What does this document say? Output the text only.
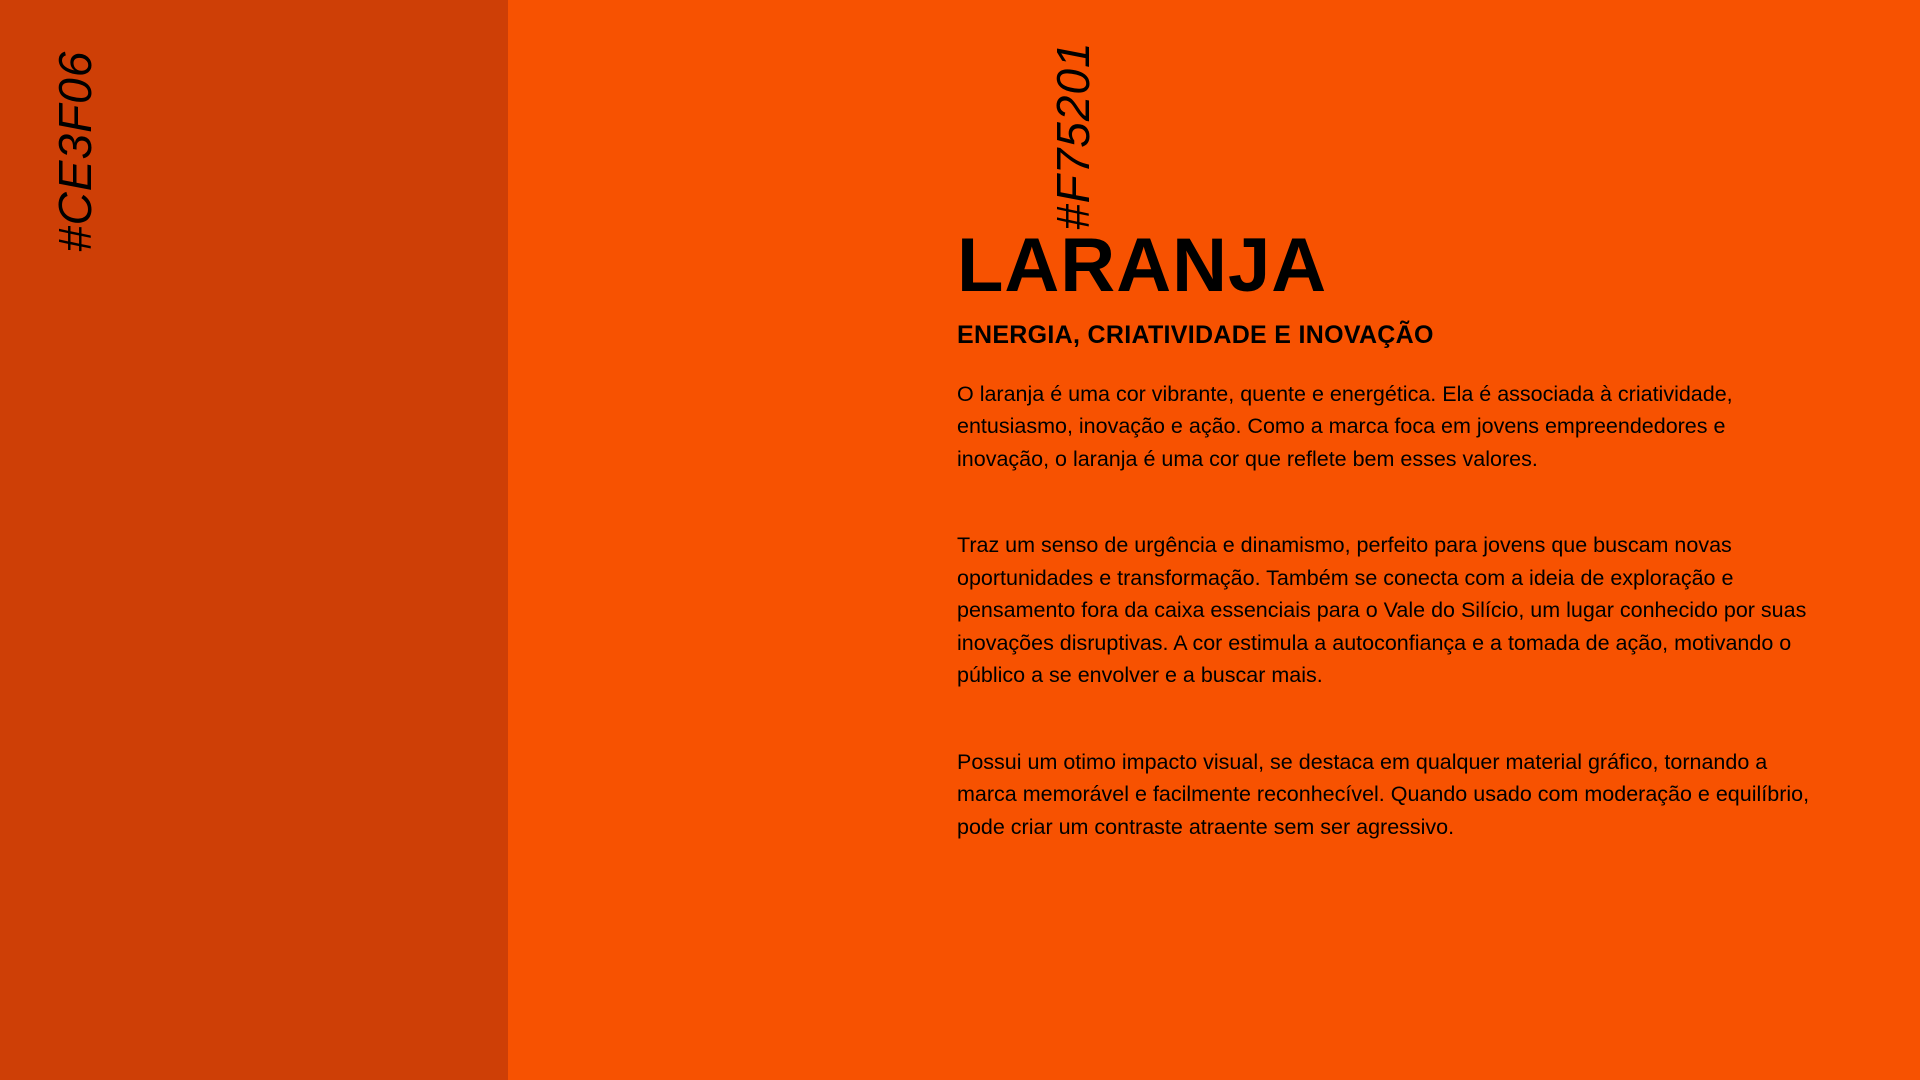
#CE3F06	#F75201
LARANJA
ENERGIA, CRIATIVIDADE E INOVAÇÃO

O laranja é uma cor vibrante, quente e energética. Ela é associada à criatividade, entusiasmo, inovação e ação. Como a marca foca em jovens empreendedores e inovação, o laranja é uma cor que reflete bem esses valores.

Traz um senso de urgência e dinamismo, perfeito para jovens que buscam novas oportunidades e transformação. Também se conecta com a ideia de exploração e pensamento fora da caixa essenciais para o Vale do Silício, um lugar conhecido por suas inovações disruptivas. A cor estimula a autoconfiança e a tomada de ação, motivando o público a se envolver e a buscar mais.

Possui um otimo impacto visual, se destaca em qualquer material gráfico, tornando a marca memorável e facilmente reconhecível. Quando usado com moderação e equilíbrio, pode criar um contraste atraente sem ser agressivo.
